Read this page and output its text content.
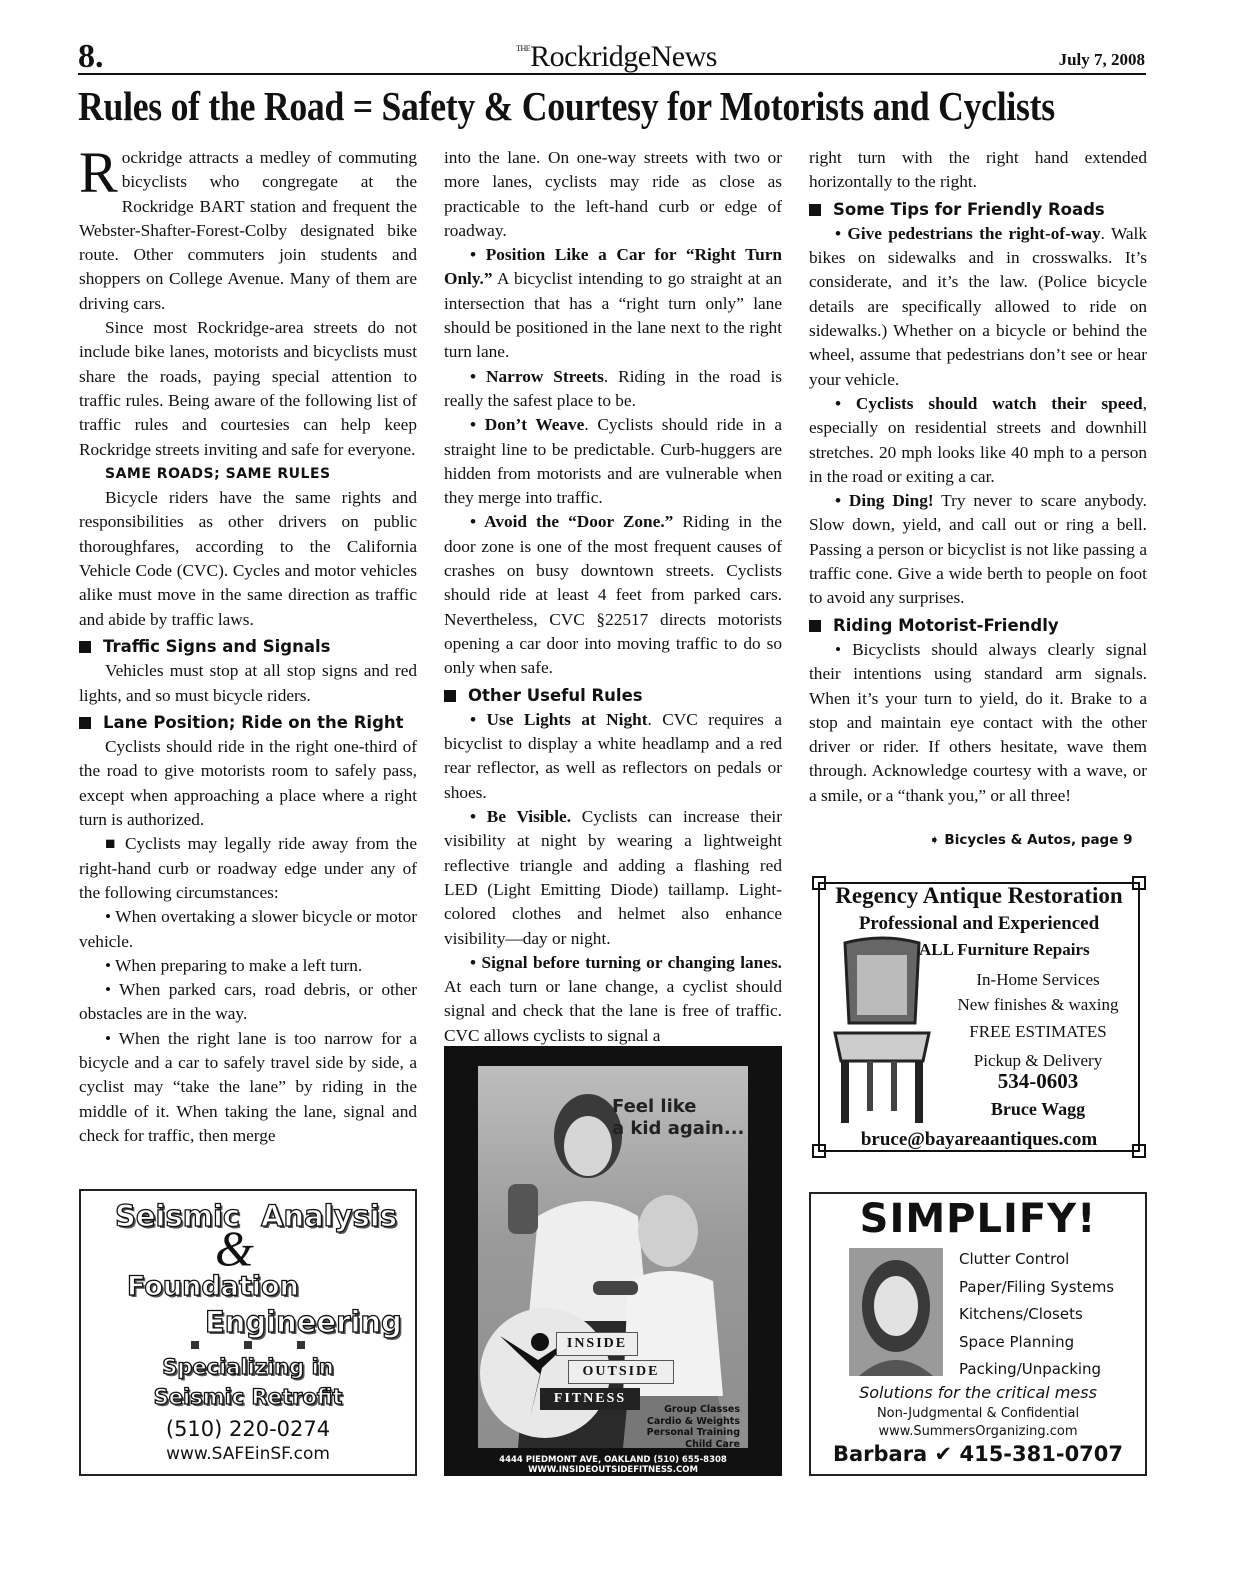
8.	$^{THE}$RockridgeNews	July 7, 2008
Rules of the Road = Safety & Courtesy for Motorists and Cyclists

Rockridge attracts a medley of commuting bicyclists who congregate at the Rockridge BART station and frequent the Webster-Shafter-Forest-Colby designated bike route. Other commuters join students and shoppers on College Avenue. Many of them are driving cars.

Since most Rockridge-area streets do not include bike lanes, motorists and bicyclists must share the roads, paying special attention to traffic rules. Being aware of the following list of traffic rules and courtesies can help keep Rockridge streets inviting and safe for everyone.

SAME ROADS; SAME RULES

Bicycle riders have the same rights and responsibilities as other drivers on public thoroughfares, according to the California Vehicle Code (CVC). Cycles and motor vehicles alike must move in the same direction as traffic and abide by traffic laws.

Traffic Signs and Signals

Vehicles must stop at all stop signs and red lights, and so must bicycle riders.

Lane Position; Ride on the Right

Cyclists should ride in the right one-third of the road to give motorists room to safely pass, except when approaching a place where a right turn is authorized.

■ Cyclists may legally ride away from the right-hand curb or roadway edge under any of the following circumstances:

• When overtaking a slower bicycle or motor vehicle.

• When preparing to make a left turn.

• When parked cars, road debris, or other obstacles are in the way.

• When the right lane is too narrow for a bicycle and a car to safely travel side by side, a cyclist may “take the lane” by riding in the middle of it. When taking the lane, signal and check for traffic, then merge

into the lane. On one-way streets with two or more lanes, cyclists may ride as close as practicable to the left-hand curb or edge of roadway.

• Position Like a Car for “Right Turn Only.” A bicyclist intending to go straight at an intersection that has a “right turn only” lane should be positioned in the lane next to the right turn lane.

• Narrow Streets. Riding in the road is really the safest place to be.

• Don’t Weave. Cyclists should ride in a straight line to be predictable. Curb-huggers are hidden from motorists and are vulnerable when they merge into traffic.

• Avoid the “Door Zone.” Riding in the door zone is one of the most frequent causes of crashes on busy downtown streets. Cyclists should ride at least 4 feet from parked cars. Nevertheless, CVC §22517 directs motorists opening a car door into moving traffic to do so only when safe.

Other Useful Rules

• Use Lights at Night. CVC requires a bicyclist to display a white headlamp and a red rear reflector, as well as reflectors on pedals or shoes.

• Be Visible. Cyclists can increase their visibility at night by wearing a lightweight reflective triangle and adding a flashing red LED (Light Emitting Diode) taillamp. Light-colored clothes and helmet also enhance visibility—day or night.

• Signal before turning or changing lanes. At each turn or lane change, a cyclist should signal and check that the lane is free of traffic. CVC allows cyclists to signal a

right turn with the right hand extended horizontally to the right.

Some Tips for Friendly Roads

• Give pedestrians the right-of-way. Walk bikes on sidewalks and in crosswalks. It’s considerate, and it’s the law. (Police bicycle details are specifically allowed to ride on sidewalks.) Whether on a bicycle or behind the wheel, assume that pedestrians don’t see or hear your vehicle.

• Cyclists should watch their speed, especially on residential streets and downhill stretches. 20 mph looks like 40 mph to a person in the road or exiting a car.

• Ding Ding! Try never to scare anybody. Slow down, yield, and call out or ring a bell. Passing a person or bicyclist is not like passing a traffic cone. Give a wide berth to people on foot to avoid any surprises.

Riding Motorist-Friendly

• Bicyclists should always clearly signal their intentions using standard arm signals. When it’s your turn to yield, do it. Brake to a stop and maintain eye contact with the other driver or rider. If others hesitate, wave them through. Acknowledge courtesy with a wave, or a smile, or a “thank you,” or all three!

➧ Bicycles & Autos, page 9
Seismic
&
Analysis
Foundation
Engineering
Specializing in
Seismic Retrofit
(510) 220-0274
www.SAFEinSF.com
Feel like
a kid again...
INSIDE
OUTSIDE
FITNESS
Group Classes
Cardio & Weights
Personal Training
Child Care
4444 PIEDMONT AVE, OAKLAND (510) 655-8308
WWW.INSIDEOUTSIDEFITNESS.COM
Regency Antique Restoration
Professional and Experienced
ALL Furniture Repairs
In-Home Services
New finishes & waxing
FREE ESTIMATES
Pickup & Delivery
534-0603
Bruce Wagg
bruce@bayareaantiques.com
SIMPLIFY!
Clutter Control
Paper/Filing Systems
Kitchens/Closets
Space Planning
Packing/Unpacking
Solutions for the critical mess
Non-Judgmental & Confidential
www.SummersOrganizing.com
Barbara ✔ 415-381-0707
